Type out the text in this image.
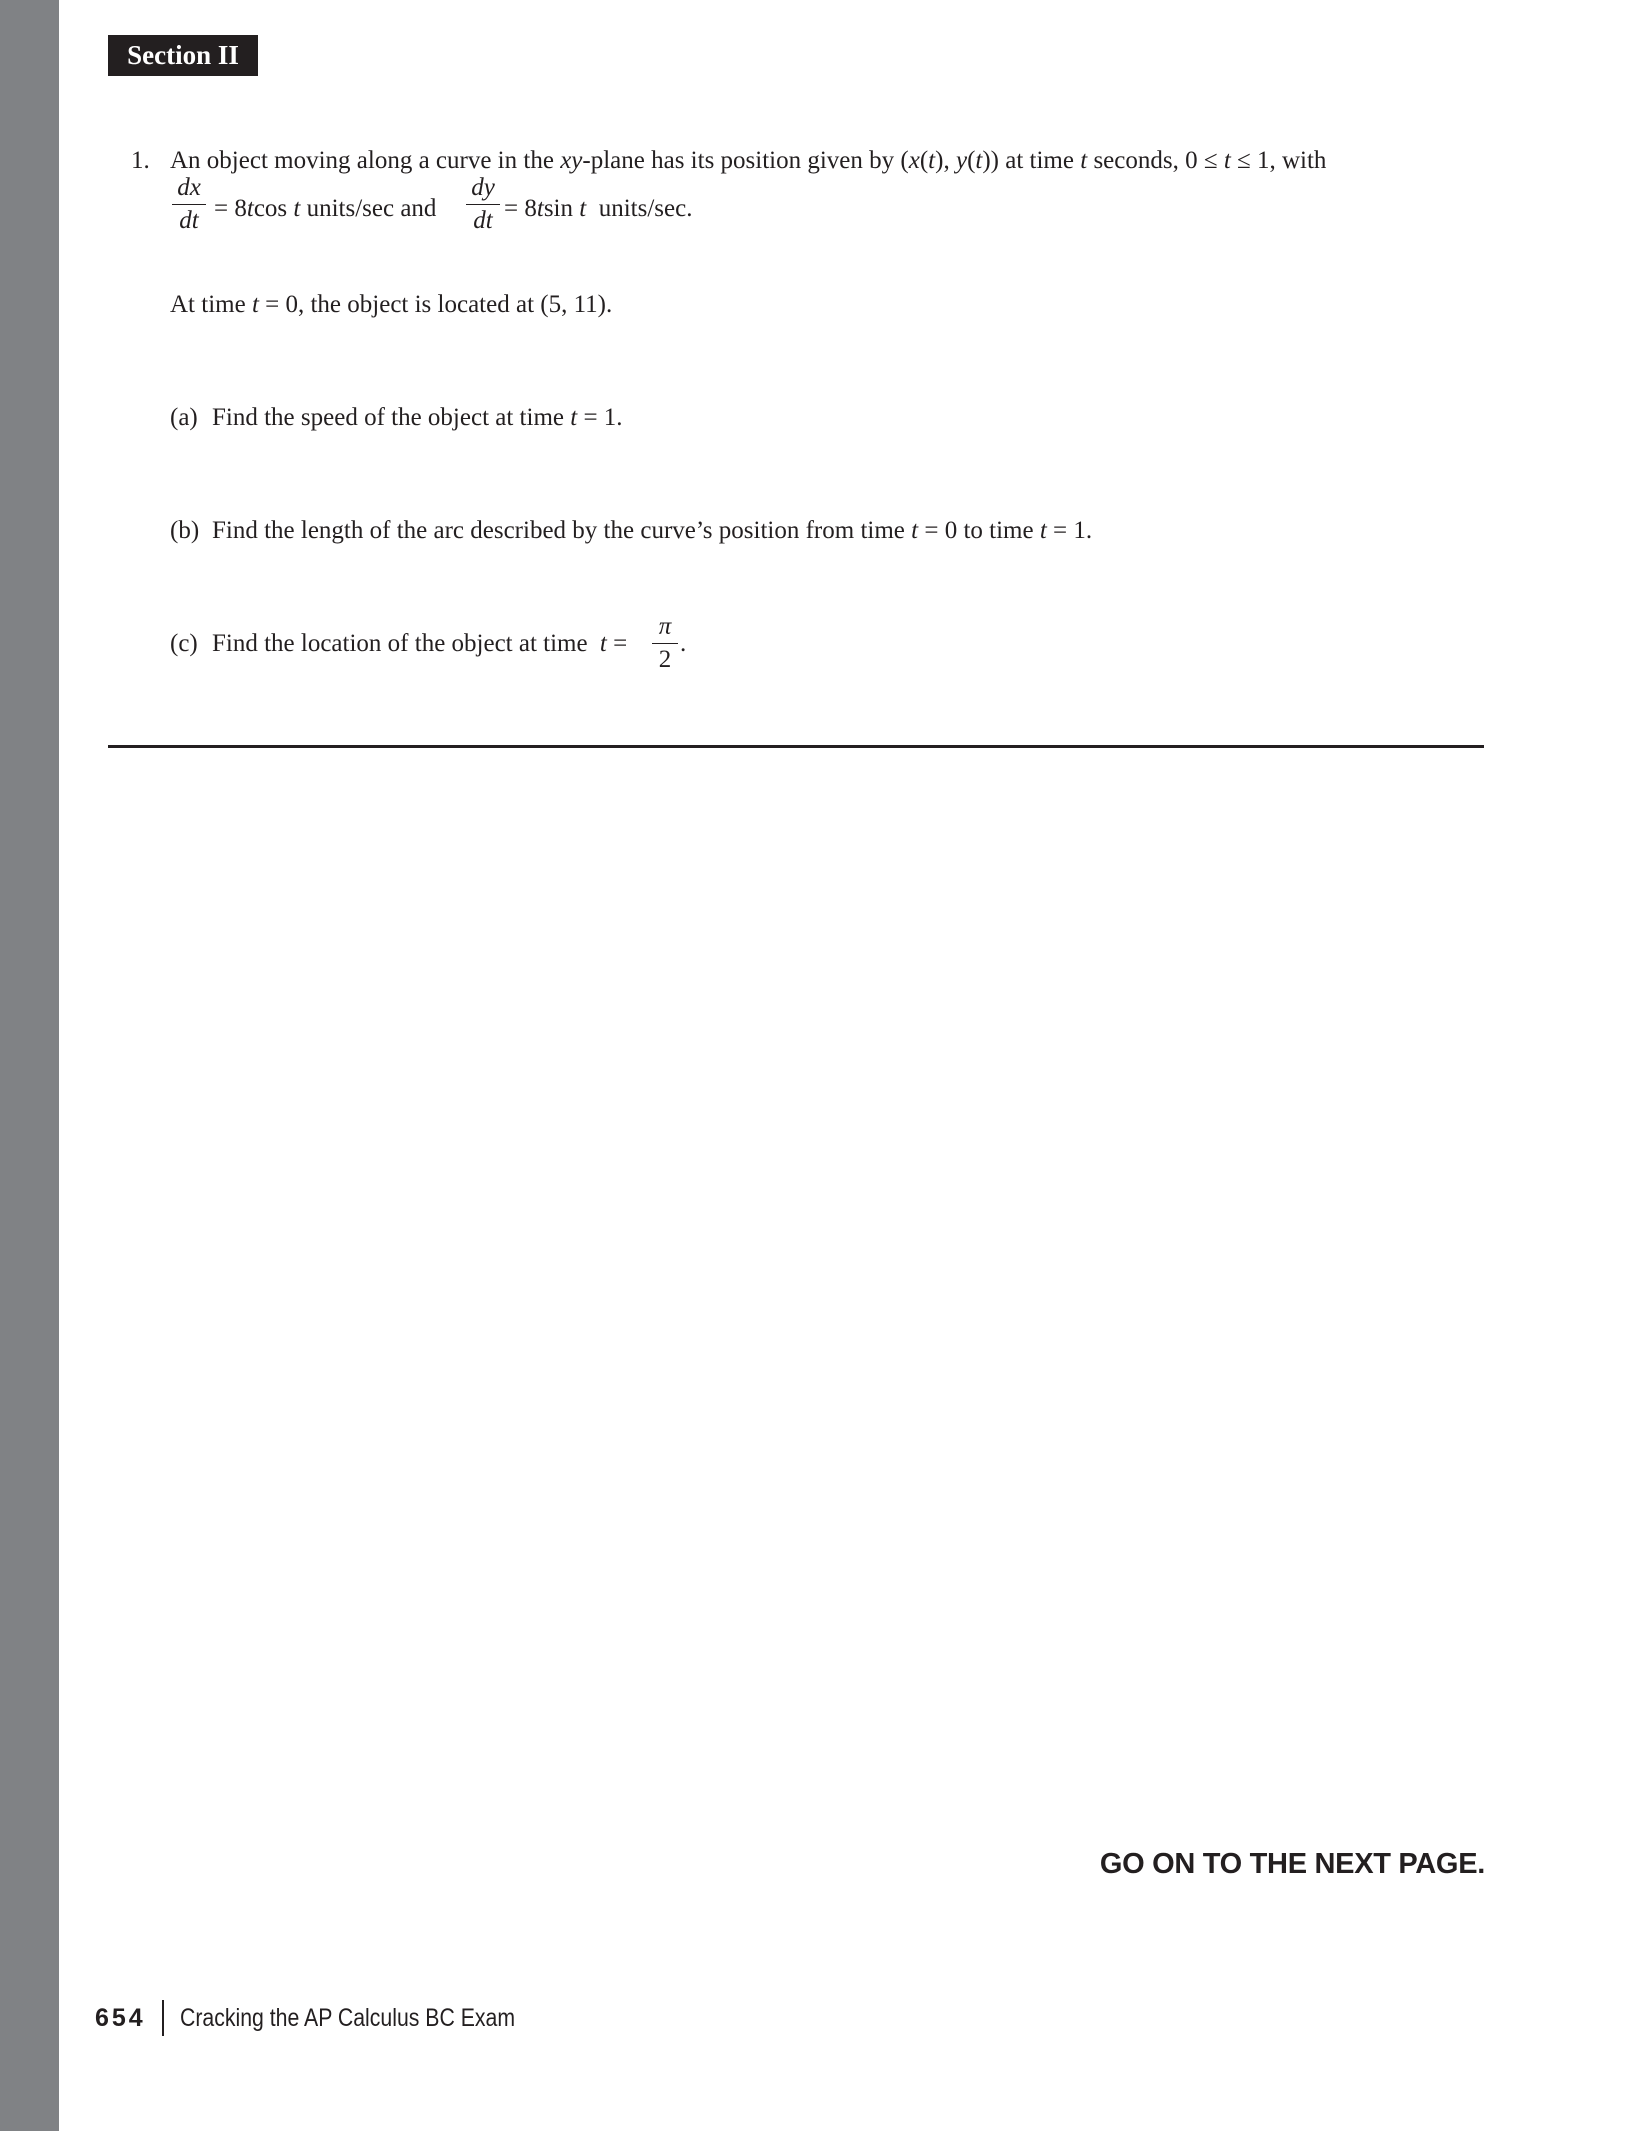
Section II
1. An object moving along a curve in the xy-plane has its position given by (x(t), y(t)) at time t seconds, 0 ≤ t ≤ 1, with
dx
dt = 8tcos t units/sec and
dy
dt = 8tsin t  units/sec.
At time t = 0, the object is located at (5, 11).
(a) Find the speed of the object at time t = 1.
(b) Find the length of the arc described by the curve’s position from time t = 0 to time t = 1.
(c) Find the location of the object at time t =
π
2
.
GO ON TO THE NEXT PAGE.
654 Cracking the AP Calculus BC Exam
